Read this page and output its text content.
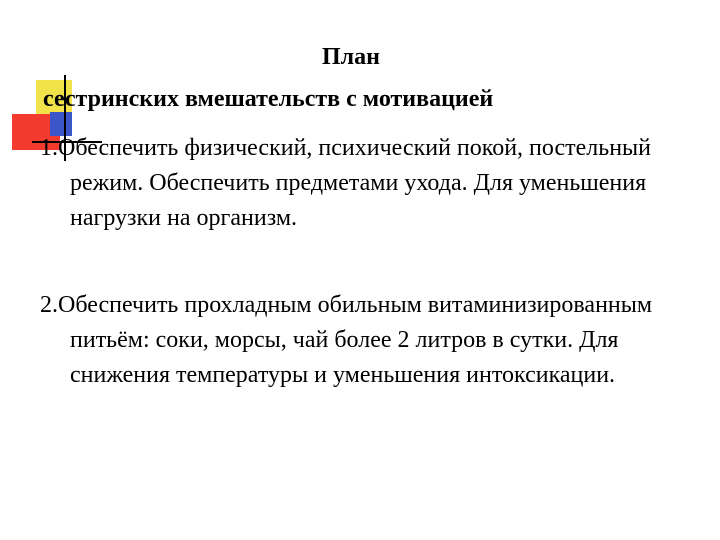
План
сестринских вмешательств с мотивацией

1.Обеспечить физический, психический покой, постельный режим. Обеспечить предметами ухода. Для уменьшения нагрузки на организм.

2.Обеспечить прохладным обильным витаминизированным питьём: соки, морсы, чай более 2 литров в сутки. Для снижения температуры и уменьшения интоксикации.
